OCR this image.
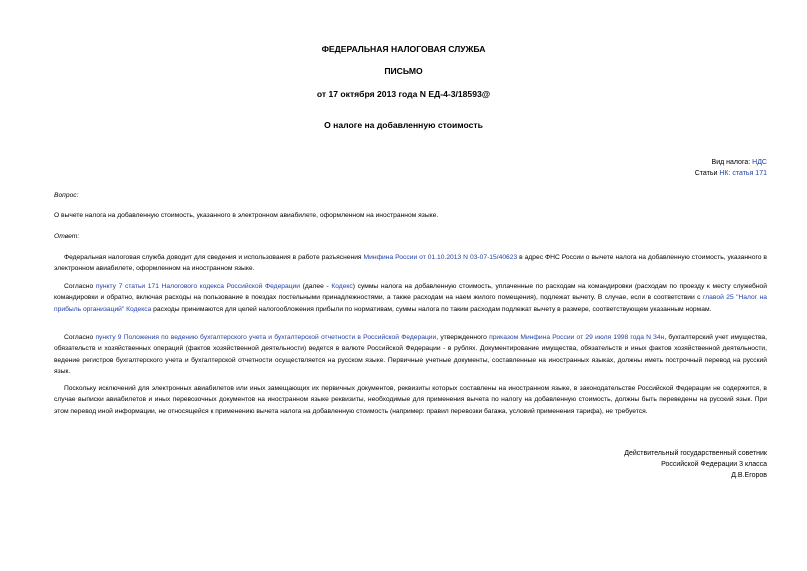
ФЕДЕРАЛЬНАЯ НАЛОГОВАЯ СЛУЖБА
ПИСЬМО
от 17 октября 2013 года N ЕД-4-3/18593@
О налоге на добавленную стоимость
Вид налога: НДС
Статьи НК: статья 171
Вопрос:
О вычете налога на добавленную стоимость, указанного в электронном авиабилете, оформленном на иностранном языке.
Ответ:
Федеральная налоговая служба доводит для сведения и использования в работе разъяснения Минфина России от 01.10.2013 N 03-07-15/40623 в адрес ФНС России о вычете налога на добавленную стоимость, указанного в электронном авиабилете, оформленном на иностранном языке.
Согласно пункту 7 статьи 171 Налогового кодекса Российской Федерации (далее - Кодекс) суммы налога на добавленную стоимость, уплаченные по расходам на командировки (расходам по проезду к месту служебной командировки и обратно, включая расходы на пользование в поездах постельными принадлежностями, а также расходам на наем жилого помещения), подлежат вычету. В случае, если в соответствии с главой 25 "Налог на прибыль организаций" Кодекса расходы принимаются для целей налогообложения прибыли по нормативам, суммы налога по таким расходам подлежат вычету в размере, соответствующем указанным нормам.
Согласно пункту 9 Положения по ведению бухгалтерского учета и бухгалтерской отчетности в Российской Федерации, утвержденного приказом Минфина России от 29 июля 1998 года N 34н, бухгалтерский учет имущества, обязательств и хозяйственных операций (фактов хозяйственной деятельности) ведется в валюте Российской Федерации - в рублях. Документирование имущества, обязательств и иных фактов хозяйственной деятельности, ведение регистров бухгалтерского учета и бухгалтерской отчетности осуществляется на русском языке. Первичные учетные документы, составленные на иностранных языках, должны иметь построчный перевод на русский язык.
Поскольку исключений для электронных авиабилетов или иных замещающих их первичных документов, реквизиты которых составлены на иностранном языке, в законодательстве Российской Федерации не содержится, в случае выписки авиабилетов и иных перевозочных документов на иностранном языке реквизиты, необходимые для применения вычета по налогу на добавленную стоимость, должны быть переведены на русский язык. При этом перевод иной информации, не относящейся к применению вычета налога на добавленную стоимость (например: правил перевозки багажа, условий применения тарифа), не требуется.
Действительный государственный советник
Российской Федерации 3 класса
Д.В.Егоров
